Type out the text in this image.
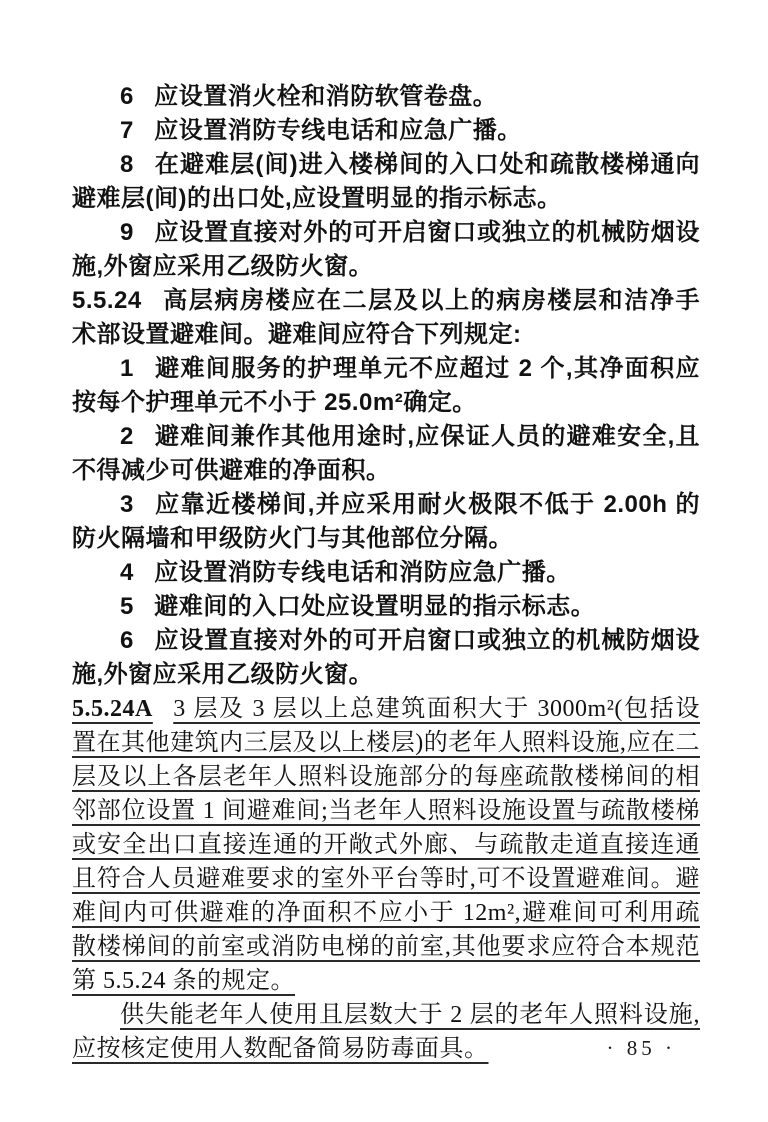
6 应设置消火栓和消防软管卷盘。

7 应设置消防专线电话和应急广播。

8 在避难层(间)进入楼梯间的入口处和疏散楼梯通向避难层(间)的出口处,应设置明显的指示标志。

9 应设置直接对外的可开启窗口或独立的机械防烟设施,外窗应采用乙级防火窗。

5.5.24 高层病房楼应在二层及以上的病房楼层和洁净手术部设置避难间。避难间应符合下列规定:

1 避难间服务的护理单元不应超过 2 个,其净面积应按每个护理单元不小于 25.0m²确定。

2 避难间兼作其他用途时,应保证人员的避难安全,且不得减少可供避难的净面积。

3 应靠近楼梯间,并应采用耐火极限不低于 2.00h 的防火隔墙和甲级防火门与其他部位分隔。

4 应设置消防专线电话和消防应急广播。

5 避难间的入口处应设置明显的指示标志。

6 应设置直接对外的可开启窗口或独立的机械防烟设施,外窗应采用乙级防火窗。

5.5.24A 3 层及 3 层以上总建筑面积大于 3000m²(包括设置在其他建筑内三层及以上楼层)的老年人照料设施,应在二层及以上各层老年人照料设施部分的每座疏散楼梯间的相邻部位设置 1 间避难间;当老年人照料设施设置与疏散楼梯或安全出口直接连通的开敞式外廊、与疏散走道直接连通且符合人员避难要求的室外平台等时,可不设置避难间。避难间内可供避难的净面积不应小于 12m²,避难间可利用疏散楼梯间的前室或消防电梯的前室,其他要求应符合本规范第 5.5.24 条的规定。

供失能老年人使用且层数大于 2 层的老年人照料设施,应按核定使用人数配备简易防毒面具。	· 85 ·
